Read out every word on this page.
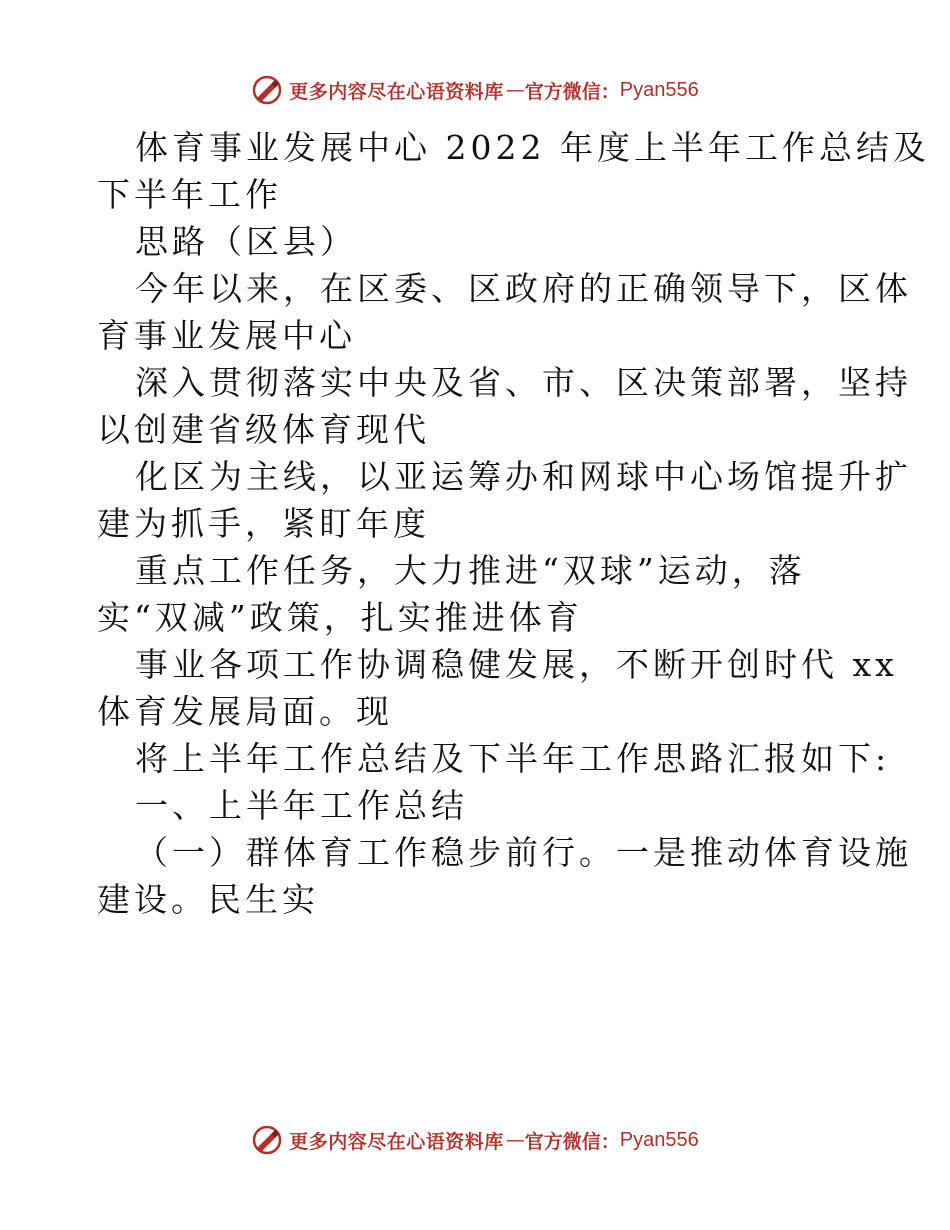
更多内容尽在心语资料库 — 官方微信： Pyan556
体育事业发展中心 2022 年度上半年工作总结及
下半年工作
思路（区县）
今年以来，在区委、区政府的正确领导下，区体
育事业发展中心
深入贯彻落实中央及省、市、区决策部署，坚持
以创建省级体育现代
化区为主线，以亚运筹办和网球中心场馆提升扩
建为抓手，紧盯年度
重点工作任务，大力推进“双球”运动，落
实“双减”政策，扎实推进体育
事业各项工作协调稳健发展，不断开创时代 xx
体育发展局面。现
将上半年工作总结及下半年工作思路汇报如下:
一、上半年工作总结
（一）群体育工作稳步前行。一是推动体育设施
建设。民生实
更多内容尽在心语资料库 — 官方微信： Pyan556
